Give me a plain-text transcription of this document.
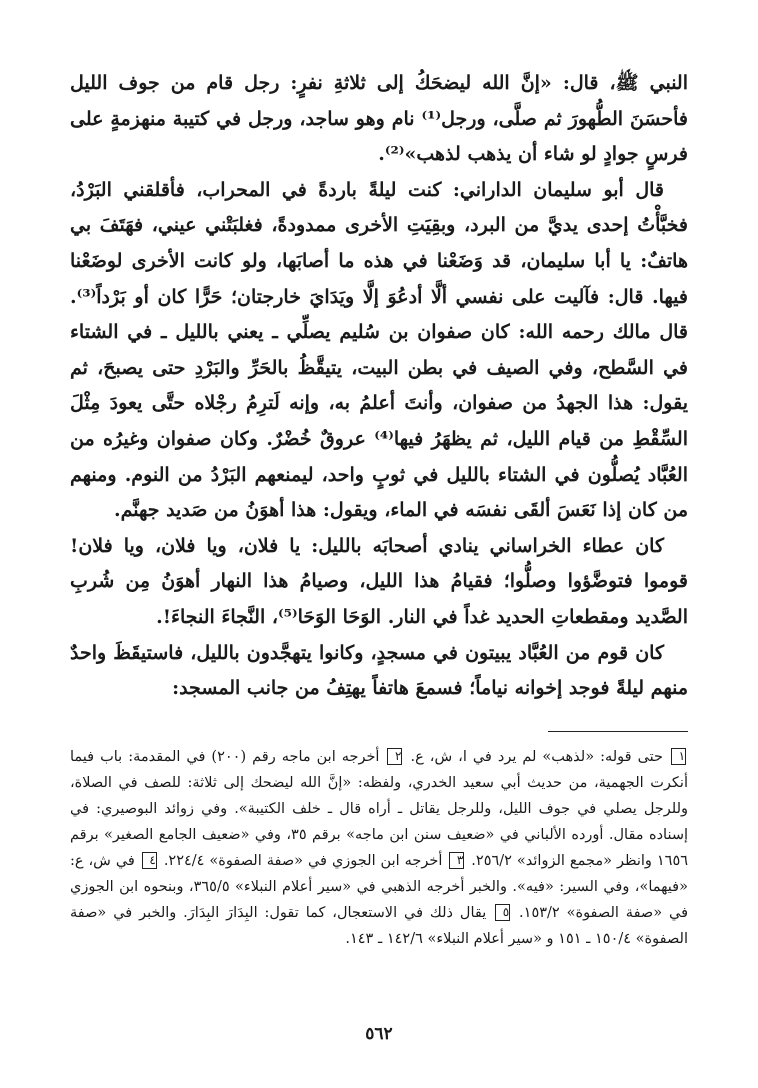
النبي ﷺ، قال: «إنَّ الله ليضحَكُ إلى ثلاثةِ نفرٍ: رجل قام من جوف الليل فأحسَنَ الطُّهورَ ثم صلَّى، ورجل⁽¹⁾ نام وهو ساجد، ورجل في كتيبة منهزمةٍ على فرسٍ جوادٍ لو شاء أن يذهب لذهب»⁽²⁾.

قال أبو سليمان الداراني: كنت ليلةً باردةً في المحراب، فأقلقني البَرْدُ، فخبَّأْتُ إحدى يديَّ من البرد، وبقِيَتِ الأخرى ممدودةً، فغلبَتْني عيني، فهَتَفَ بي هاتفٌ: يا أبا سليمان، قد وَضَعْنا في هذه ما أصابَها، ولو كانت الأخرى لوضَعْنا فيها. قال: فآليت على نفسي ألَّا أدعُوَ إلَّا ويَدَايَ خارجتان؛ حَرًّا كان أو بَرْداً⁽³⁾. قال مالك رحمه الله: كان صفوان بن سُليم يصلِّي ـ يعني بالليل ـ في الشتاء في السَّطح، وفي الصيف في بطن البيت، يتيقَّظُ بالحَرِّ والبَرْدِ حتى يصبحَ، ثم يقول: هذا الجهدُ من صفوان، وأنتَ أعلمُ به، وإنه لَترِمُ رجْلاه حتَّى يعودَ مِثْلَ السِّقْطِ من قيام الليل، ثم يظهَرُ فيها⁽⁴⁾ عروقٌ خُضْرٌ. وكان صفوان وغيرُه من العُبَّاد يُصلُّون في الشتاء بالليل في ثوبٍ واحد، ليمنعهم البَرْدُ من النوم. ومنهم من كان إذا نَعَسَ ألقَى نفسَه في الماء، ويقول: هذا أهوَنُ من صَديد جهنَّم.

كان عطاء الخراساني ينادي أصحابَه بالليل: يا فلان، ويا فلان، ويا فلان! قوموا فتوضَّؤوا وصلُّوا؛ فقيامُ هذا الليل، وصيامُ هذا النهار أهوَنُ مِن شُربِ الصَّديد ومقطعاتِ الحديد غداً في النار. الوَحَا الوَحَا⁽⁵⁾، النَّجاءَ النجاءَ!.

كان قوم من العُبَّاد يبيتون في مسجدٍ، وكانوا يتهجَّدون بالليل، فاستيقَظَ واحدٌ منهم ليلةً فوجد إخوانه نياماً؛ فسمعَ هاتفاً يهتِفُ من جانب المسجد:

١ حتى قوله: «لذهب» لم يرد في ا، ش، ع. ٢ أخرجه ابن ماجه رقم (٢٠٠) في المقدمة: باب فيما أنكرت الجهمية، من حديث أبي سعيد الخدري، ولفظه: «إنَّ الله ليضحك إلى ثلاثة: للصف في الصلاة، وللرجل يصلي في جوف الليل، وللرجل يقاتل ـ أراه قال ـ خلف الكتيبة». وفي زوائد البوصيري: في إسناده مقال. أورده الألباني في «ضعيف سنن ابن ماجه» برقم ٣٥، وفي «ضعيف الجامع الصغير» برقم ١٦٥٦ وانظر «مجمع الزوائد» ٢٥٦/٢. ٣ أخرجه ابن الجوزي في «صفة الصفوة» ٢٢٤/٤. ٤ في ش، ع: «فيهما»، وفي السير: «فيه». والخبر أخرجه الذهبي في «سير أعلام النبلاء» ٣٦٥/٥، وبنحوه ابن الجوزي في «صفة الصفوة» ١٥٣/٢. ٥ يقال ذلك في الاستعجال، كما تقول: البِدَارَ البِدَارَ. والخبر في «صفة الصفوة» ١٥٠/٤ ـ ١٥١ و «سير أعلام النبلاء» ١٤٢/٦ ـ ١٤٣.

٥٦٢
